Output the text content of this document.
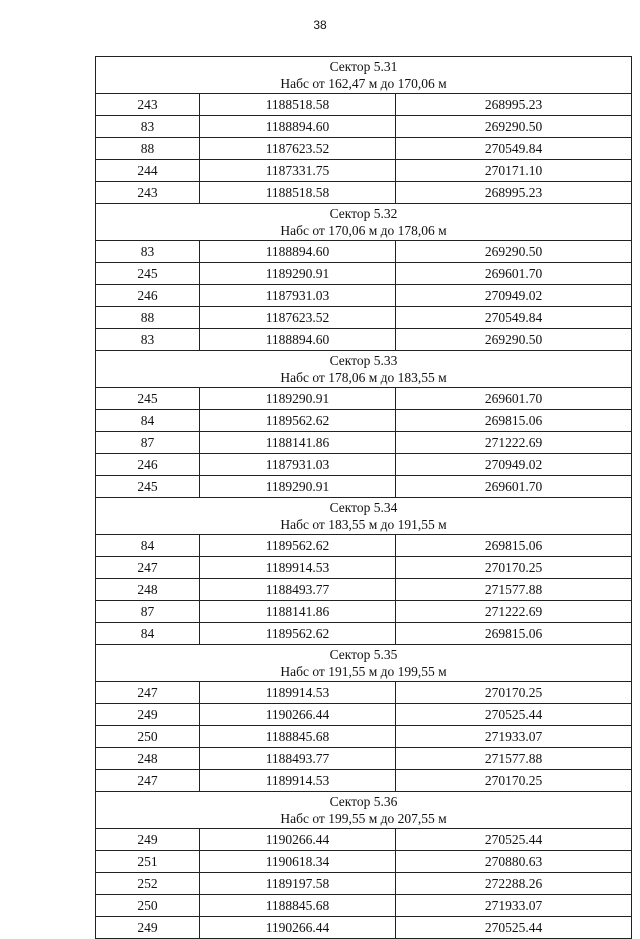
38
Сектор 5.31
Набс от 162,47 м до 170,06 м		

243	1188518.58	268995.23
83	1188894.60	269290.50
88	1187623.52	270549.84
244	1187331.75	270171.10
243	1188518.58	268995.23

Сектор 5.32
Набс от 170,06 м до 178,06 м		

83	1188894.60	269290.50
245	1189290.91	269601.70
246	1187931.03	270949.02
88	1187623.52	270549.84
83	1188894.60	269290.50

Сектор 5.33
Набс от 178,06 м до 183,55 м		

245	1189290.91	269601.70
84	1189562.62	269815.06
87	1188141.86	271222.69
246	1187931.03	270949.02
245	1189290.91	269601.70

Сектор 5.34
Набс от 183,55 м до 191,55 м		

84	1189562.62	269815.06
247	1189914.53	270170.25
248	1188493.77	271577.88
87	1188141.86	271222.69
84	1189562.62	269815.06

Сектор 5.35
Набс от 191,55 м до 199,55 м		

247	1189914.53	270170.25
249	1190266.44	270525.44
250	1188845.68	271933.07
248	1188493.77	271577.88
247	1189914.53	270170.25

Сектор 5.36
Набс от 199,55 м до 207,55 м		

249	1190266.44	270525.44
251	1190618.34	270880.63
252	1189197.58	272288.26
250	1188845.68	271933.07
249	1190266.44	270525.44
